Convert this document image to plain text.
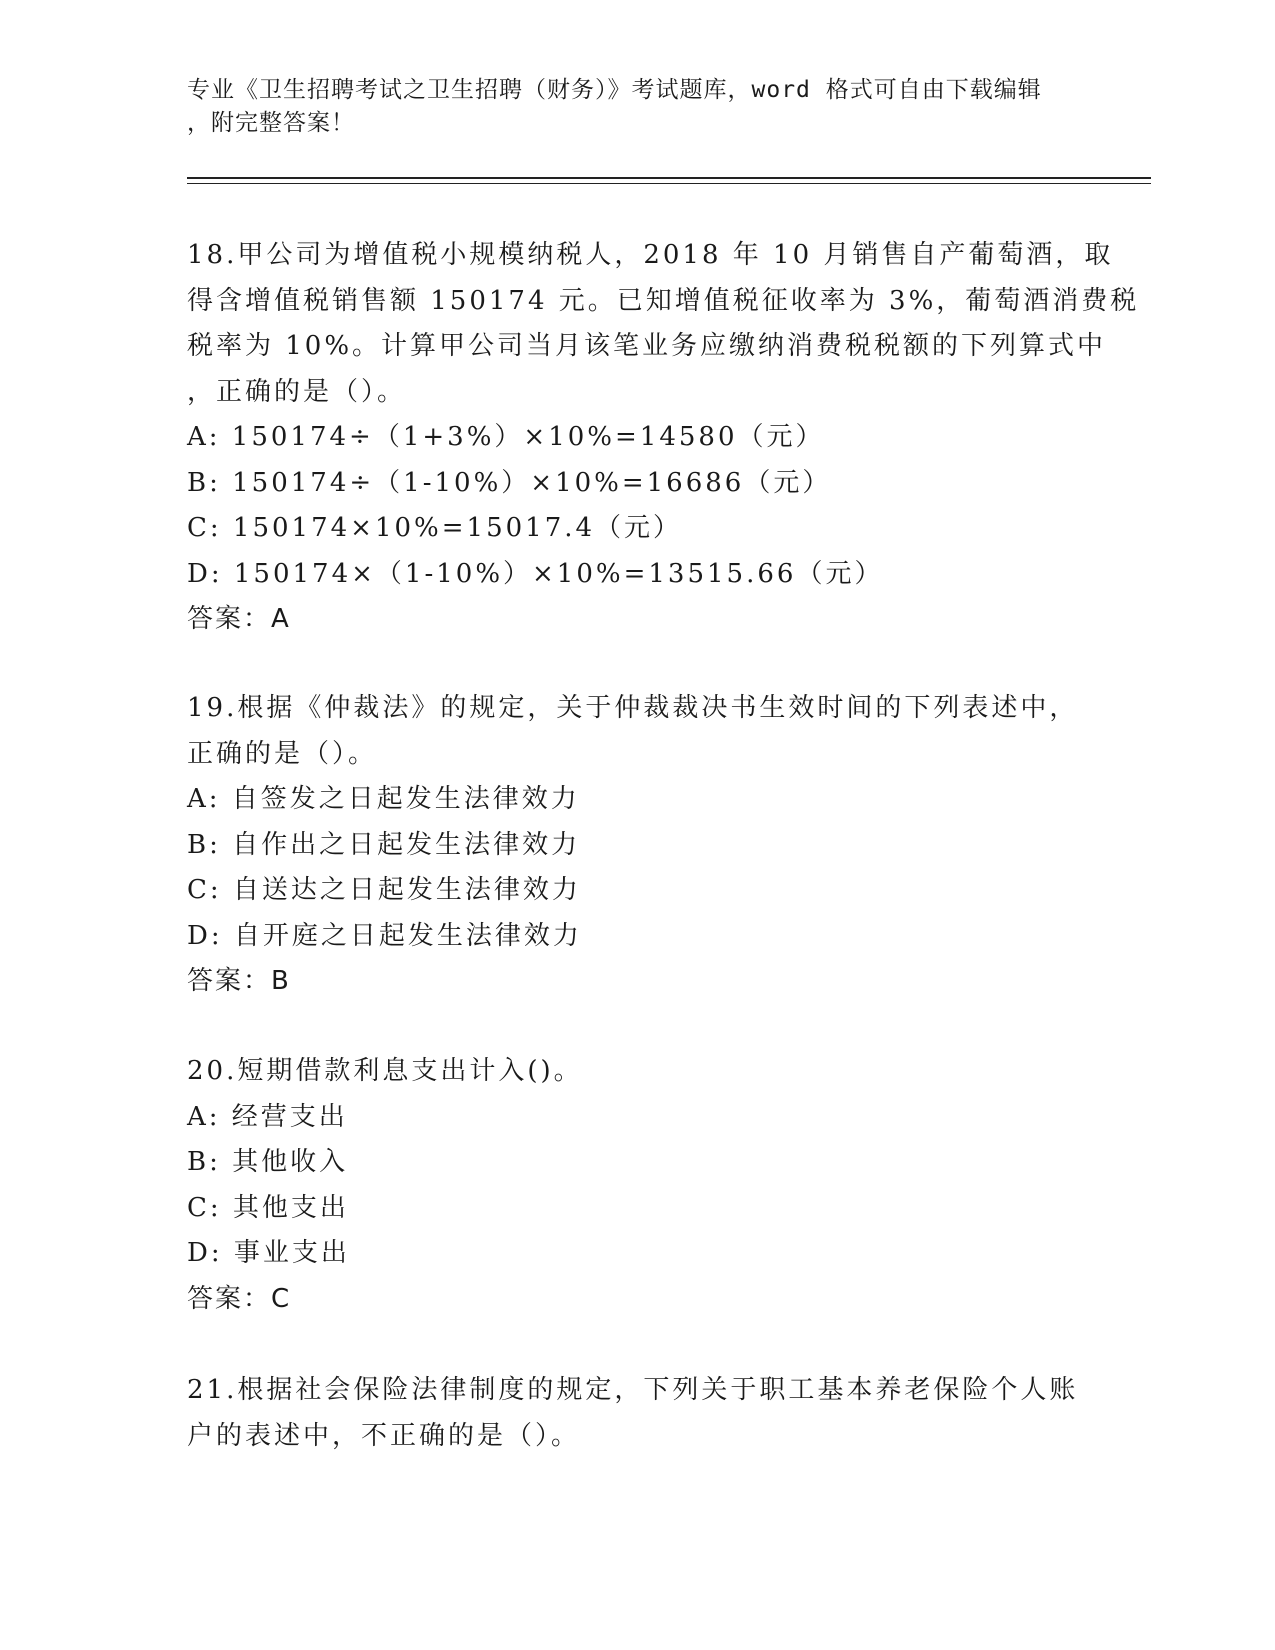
专业《卫生招聘考试之卫生招聘（财务）》考试题库，word 格式可自由下载编辑
，附完整答案！
18.甲公司为增值税小规模纳税人，2018 年 10 月销售自产葡萄酒，取
得含增值税销售额 150174 元。已知增值税征收率为 3%，葡萄酒消费税
税率为 10%。计算甲公司当月该笔业务应缴纳消费税税额的下列算式中
，正确的是（）。
A: 150174÷（1+3%）×10%=14580（元）
B: 150174÷（1-10%）×10%=16686（元）
C: 150174×10%=15017.4（元）
D: 150174×（1-10%）×10%=13515.66（元）
答案：A
19.根据《仲裁法》的规定，关于仲裁裁决书生效时间的下列表述中，
正确的是（）。
A: 自签发之日起发生法律效力
B: 自作出之日起发生法律效力
C: 自送达之日起发生法律效力
D: 自开庭之日起发生法律效力
答案：B
20.短期借款利息支出计入()。
A: 经营支出
B: 其他收入
C: 其他支出
D: 事业支出
答案：C
21.根据社会保险法律制度的规定，下列关于职工基本养老保险个人账
户的表述中，不正确的是（）。
